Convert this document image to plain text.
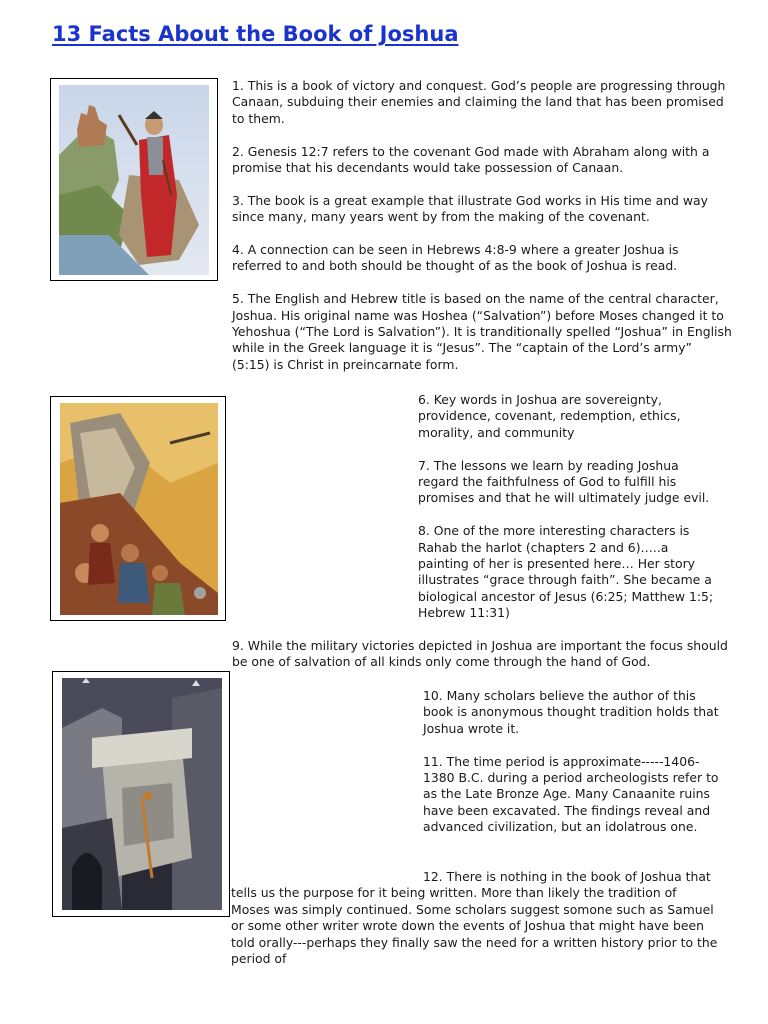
13 Facts About the Book of Joshua

1. This is a book of victory and conquest. God’s people are progressing through Canaan, subduing their enemies and claiming the land that has been promised to them.

2. Genesis 12:7 refers to the covenant God made with Abraham along with a promise that his decendants would take possession of Canaan.

3. The book is a great example that illustrate God works in His time and way since many, many years went by from the making of the covenant.

4. A connection can be seen in Hebrews 4:8-9 where a greater Joshua is referred to and both should be thought of as the book of Joshua is read.

5. The English and Hebrew title is based on the name of the central character, Joshua. His original name was Hoshea (“Salvation”) before Moses changed it to Yehoshua (“The Lord is Salvation”). It is tranditionally spelled “Joshua” in English while in the Greek language it is “Jesus”. The “captain of the Lord’s army” (5:15) is Christ in preincarnate form.

6. Key words in Joshua are sovereignty, providence, covenant, redemption, ethics, morality, and community

7. The lessons we learn by reading Joshua regard the faithfulness of God to fulfill his promises and that he will ultimately judge evil.

8. One of the more interesting characters is Rahab the harlot (chapters 2 and 6)…..a painting of her is presented here… Her story illustrates “grace through faith”. She became a biological ancestor of Jesus (6:25; Matthew 1:5; Hebrew 11:31)

9. While the military victories depicted in Joshua are important the focus should be one of salvation of all kinds only come through the hand of God.

10. Many scholars believe the author of this book is anonymous thought tradition holds that Joshua wrote it.

11. The time period is approximate-----1406-1380 B.C. during a period archeologists refer to as the Late Bronze Age. Many Canaanite ruins have been excavated. The findings reveal and advanced civilization, but an idolatrous one.

12. There is nothing in the book of Joshua that tells us the purpose for it being written. More than likely the tradition of Moses was simply continued. Some scholars suggest somone such as Samuel or some other writer wrote down the events of Joshua that might have been told orally---perhaps they finally saw the need for a written history prior to the period of
